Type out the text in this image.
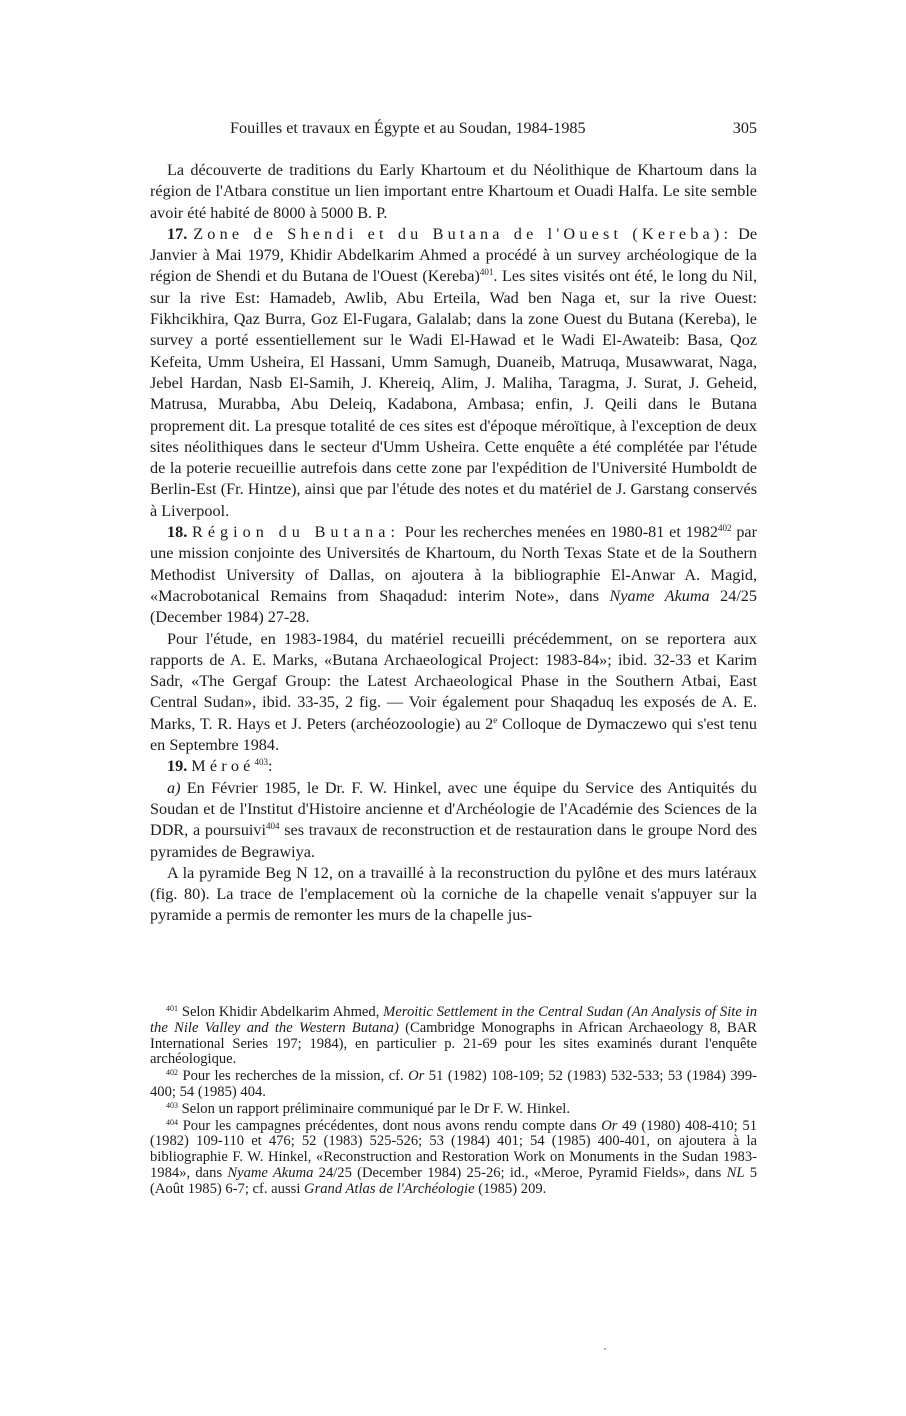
Fouilles et travaux en Égypte et au Soudan, 1984-1985	305

La découverte de traditions du Early Khartoum et du Néolithique de Khartoum dans la région de l'Atbara constitue un lien important entre Khartoum et Ouadi Halfa. Le site semble avoir été habité de 8000 à 5000 B. P.

17. Zone de Shendi et du Butana de l'Ouest (Kereba): De Janvier à Mai 1979, Khidir Abdelkarim Ahmed a procédé à un survey archéologique de la région de Shendi et du Butana de l'Ouest (Kereba)$^{401}$. Les sites visités ont été, le long du Nil, sur la rive Est: Hamadeb, Awlib, Abu Erteila, Wad ben Naga et, sur la rive Ouest: Fikhcikhira, Qaz Burra, Goz El-Fugara, Galalab; dans la zone Ouest du Butana (Kereba), le survey a porté essentiellement sur le Wadi El-Hawad et le Wadi El-Awateib: Basa, Qoz Kefeita, Umm Usheira, El Hassani, Umm Samugh, Duaneib, Matruqa, Musawwarat, Naga, Jebel Hardan, Nasb El-Samih, J. Khereiq, Alim, J. Maliha, Taragma, J. Surat, J. Geheid, Matrusa, Murabba, Abu Deleiq, Kadabona, Ambasa; enfin, J. Qeili dans le Butana proprement dit. La presque totalité de ces sites est d'époque méroïtique, à l'exception de deux sites néolithiques dans le secteur d'Umm Usheira. Cette enquête a été complétée par l'étude de la poterie recueillie autrefois dans cette zone par l'expédition de l'Université Humboldt de Berlin-Est (Fr. Hintze), ainsi que par l'étude des notes et du matériel de J. Garstang conservés à Liverpool.

18. Région du Butana: Pour les recherches menées en 1980-81 et 1982$^{402}$ par une mission conjointe des Universités de Khartoum, du North Texas State et de la Southern Methodist University of Dallas, on ajoutera à la bibliographie El-Anwar A. Magid, «Macrobotanical Remains from Shaqadud: interim Note», dans Nyame Akuma 24/25 (December 1984) 27-28.

Pour l'étude, en 1983-1984, du matériel recueilli précédemment, on se reportera aux rapports de A. E. Marks, «Butana Archaeological Project: 1983-84»; ibid. 32-33 et Karim Sadr, «The Gergaf Group: the Latest Archaeological Phase in the Southern Atbai, East Central Sudan», ibid. 33-35, 2 fig. — Voir également pour Shaqaduq les exposés de A. E. Marks, T. R. Hays et J. Peters (archéozoologie) au 2e Colloque de Dymaczewo qui s'est tenu en Septembre 1984.

19. Méroé$^{403}$:

a) En Février 1985, le Dr. F. W. Hinkel, avec une équipe du Service des Antiquités du Soudan et de l'Institut d'Histoire ancienne et d'Archéologie de l'Académie des Sciences de la DDR, a poursuivi$^{404}$ ses travaux de reconstruction et de restauration dans le groupe Nord des pyramides de Begrawiya.

A la pyramide Beg N 12, on a travaillé à la reconstruction du pylône et des murs latéraux (fig. 80). La trace de l'emplacement où la corniche de la chapelle venait s'appuyer sur la pyramide a permis de remonter les murs de la chapelle jus-

$^{401}$ Selon Khidir Abdelkarim Ahmed, Meroitic Settlement in the Central Sudan (An Analysis of Site in the Nile Valley and the Western Butana) (Cambridge Monographs in African Archaeology 8, BAR International Series 197; 1984), en particulier p. 21-69 pour les sites examinés durant l'enquête archéologique.

$^{402}$ Pour les recherches de la mission, cf. Or 51 (1982) 108-109; 52 (1983) 532-533; 53 (1984) 399-400; 54 (1985) 404.

$^{403}$ Selon un rapport préliminaire communiqué par le Dr F. W. Hinkel.

$^{404}$ Pour les campagnes précédentes, dont nous avons rendu compte dans Or 49 (1980) 408-410; 51 (1982) 109-110 et 476; 52 (1983) 525-526; 53 (1984) 401; 54 (1985) 400-401, on ajoutera à la bibliographie F. W. Hinkel, «Reconstruction and Restoration Work on Monuments in the Sudan 1983-1984», dans Nyame Akuma 24/25 (December 1984) 25-26; id., «Meroe, Pyramid Fields», dans NL 5 (Août 1985) 6-7; cf. aussi Grand Atlas de l'Archéologie (1985) 209.
